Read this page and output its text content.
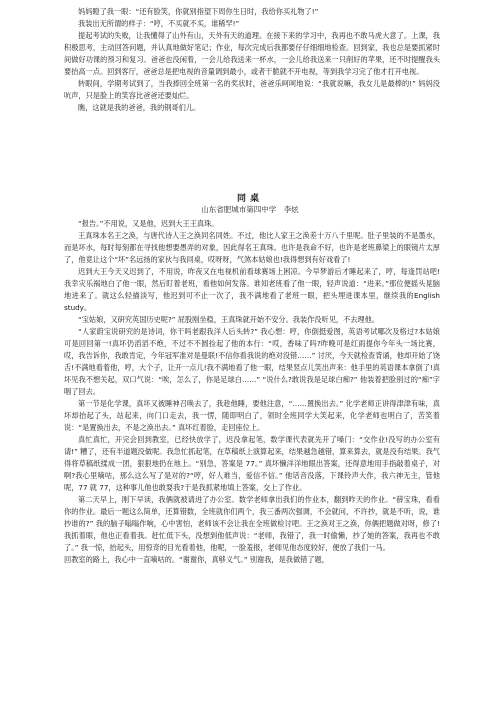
妈妈瞪了我一眼：“还有脸笑，你就别指望下周你生日时，我给你买礼物了!”

我装出无所谓的样子：“哼，不买就不买，谁稀罕!”

提起考试的失败，让我懂得了山外有山，天外有天的道理。在接下来的学习中，我再也不敢马虎大意了。上课，我积极思考，主动回答问题，并认真地做好笔记；作业，每次完成后我都要仔仔细细地检查。回到家，我也总是要抓紧时间做好功课的预习和复习。爸爸也没闲着，一会儿给我送来一杯水，一会儿给我送来一只削好的苹果，还不时提醒我头要抬高一点。回到客厅，爸爸总是把电视的音量调到最小，或者干脆就不开电视，等到我学习完了他才打开电视。

转眼间，学期考试到了，当我捧回全班第一名的奖状时，爸爸乐呵呵地说：“我就说嘛，我女儿是最棒的!” 妈妈没吭声，只是脸上的笑容比爸爸还要灿烂。

瞧，这就是我的爸爸，我的钢哥们儿。

同桌
山东省肥城市第四中学　李炫

“报告。”不用说，又是他，迟到大王王真珠。

王真珠本名王之涣，与唐代诗人王之涣同名同姓。不过，他比人家王之涣差十万八千里呢。肚子里装的不是墨水，而是坏水，每时每刻都在寻找他想要愚弄的对象，因此得名王真珠。也许是我命不好，也许是老班鼻梁上的眼镜片太厚了，他竟让这个“坏”名远扬的家伙与我同桌，哎呀呀，气煞本姑娘也!我得想到有好戏看了!

迟到大王今天又迟到了，不用说，昨夜又在电视机前看球赛场上困凉。今早梦游后才睡起来了，哼，每逢罚站吧!我幸灾乐祸地白了他一眼，然后盯着老班，看他如何发落。谁知老班看了他一眼，轻声说道：“进来。”那位便摇头晃脑地进来了。就这么轻描淡写，他迟到可不止一次了，我不满地看了老班一眼，把头埋进课本里，继续我的English study。

“宝姑娘，又研究英国历史呢?” 屁股刚坐稳，王真珠就开始不安分。我装作没听见，不去理他。

“人家蔚宝说研究的是诗词，你干吗老跟我洋人后头转?” 我心想：哼，你倒挺爱图，英语考试哪次及格过?本姑娘可是回回第一!真坏仍滔滔不绝，不过不不圆捡起了他的本行：“哎，香味了吗?昨晚可是红雨提你今年头一场比赛，哎，我告诉你，我敢肯定，今年冠军准对是曼联!不信你看我说的绝对没错……” 讨厌，今天就检查背诵，他却开始了饶舌!不满地看着他，哼，大个子，让开一点儿!我不满地看了他一眼，结果竖点儿笑出声来：他手里的英语课本拿倒了!真坏见我不想关起，双口气说：“唉，怎么了，你是足球白……” “说什么?敢说我是足球白痴?” 他装着把脸别过的“痴”字咽了回去。

第一节是化学课，真坏又被睡神召唤去了，我趁他睡，要他注意，“……置换出去。” 化学老师正讲得津津有味，真坏却抬起了头，站起来，向门口走去，我一愣，随即明白了，领时全班同学大笑起来，化学老师也明白了，苦笑着说：“是置换出去，不是之涣出去。” 真坏红着脸，走回座位上。

真忙真忙，开完会回到教室，已经快放学了，迟没拿起笔，数学课代表就先开了嗓门：“交作业!没写的办公室有请!” 糟了，还有半道题没做呢。我急忙抓起笔，在草稿纸上演算起来，结果越急越错，算来算去，就是没有结果。我气得将草稿纸揉成一团，狠狠地扔在地上。“别急，答案是 77。” 真坏懒洋洋地眼出答案，还得意地用手指敲着桌子，对啊?我心里嘀咕，那么这么写了是对的?“哼，好人难当，爱信不信。” 他话音没落，下课铃声大作，我六神无主，管他呢，77 就 77，这种事儿他也敢耍我?于是我抓紧地填上答案，交上了作业。

第二天早上，刚下早读，我俩就被请进了办公室。数学老师拿出我们的作业本，翻到昨天的作业。“薛宝珠，看看你的作业。最后一题这么简单，还算错数，全班就你们两个，我三番两次强调，不会就问，不许抄，就是不听，说，谁抄谁的?” 我的脑子嗡嗡作响，心中害怕，老师该不会让我在全班做检讨吧。王之涣对王之涣，你俩把题做对呀，修了!我抓着眼，他也正看着我。赶忙低下头，没想到他低声说：“老师，我错了，我一时偷懒，抄了她的答案，我再也不敢了。” 我一惊，抬起头，用惊奇的目光看着他，他呢，一脸羞报，老师见他态度较好，便放了我们一马。

回教室的路上，我心中一直嘀咕的。“谢谢你，真够义气。” 别谢我，是我做错了题，
